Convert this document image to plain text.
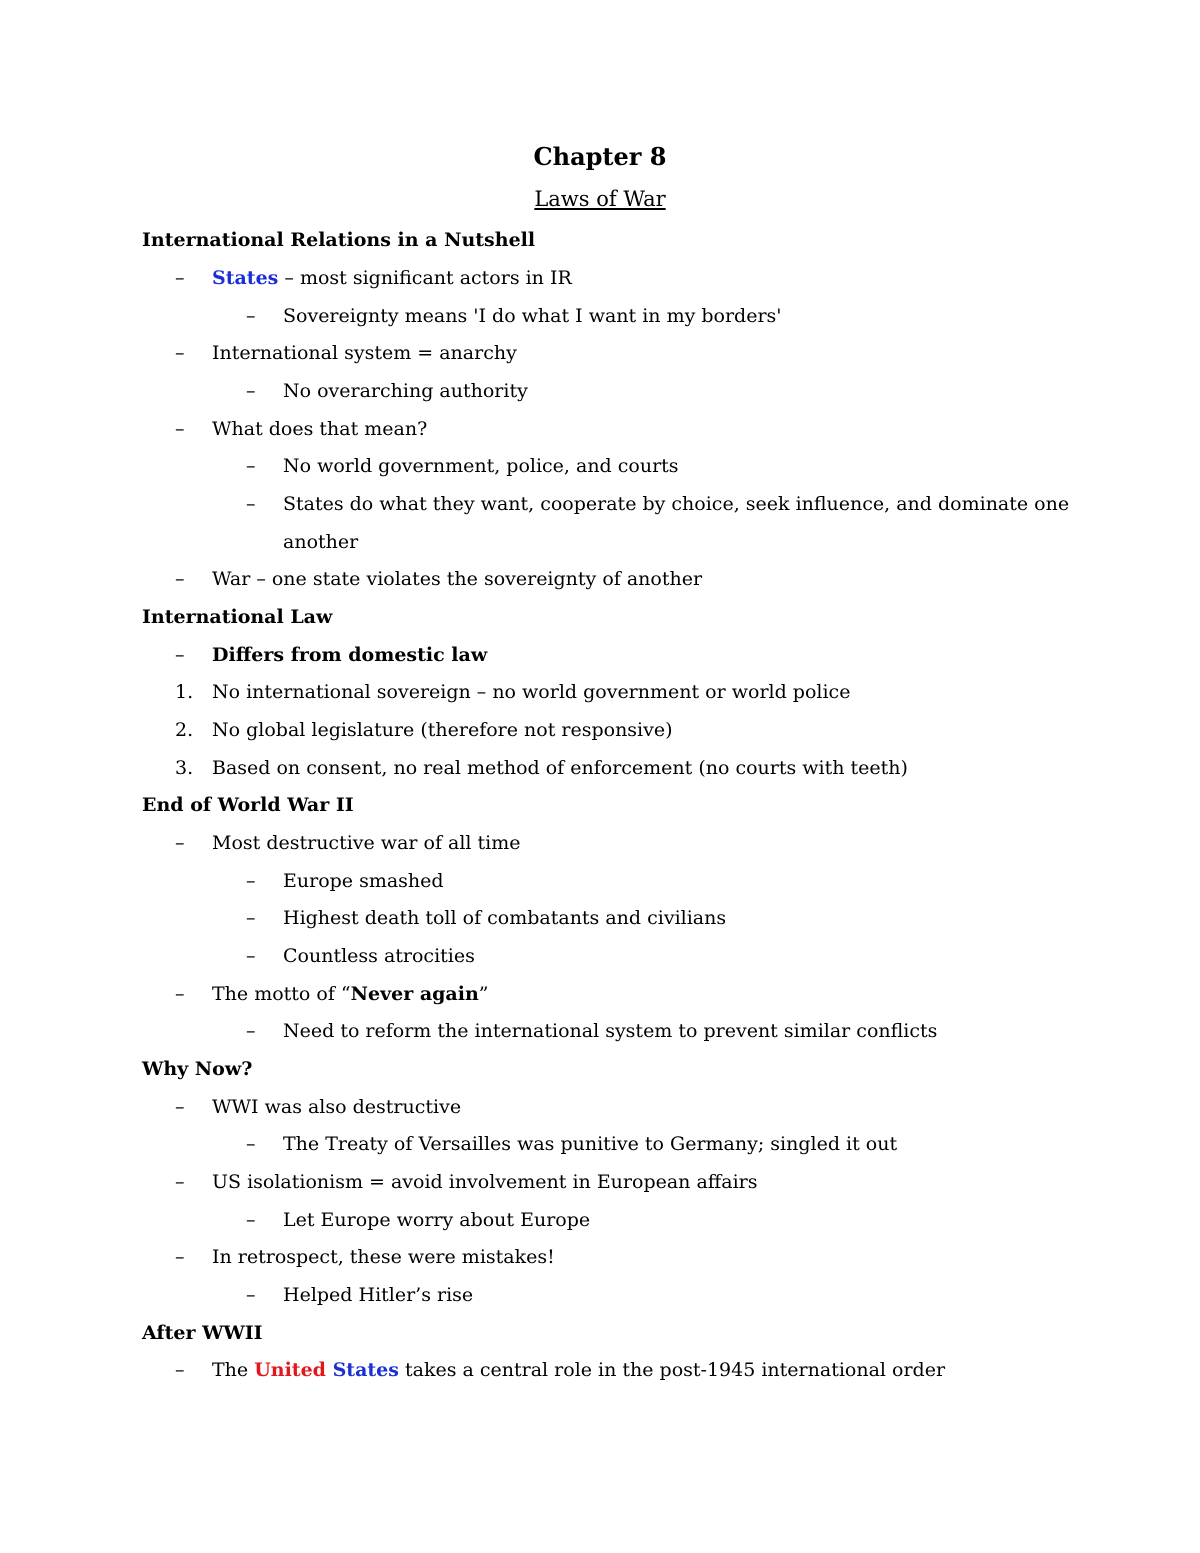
Chapter 8
Laws of War
International Relations in a Nutshell
–	States – most significant actors in IR
–	Sovereignty means 'I do what I want in my borders'
–	International system = anarchy
–	No overarching authority
–	What does that mean?
–	No world government, police, and courts
–	States do what they want, cooperate by choice, seek influence, and dominate one
another
–	War – one state violates the sovereignty of another
International Law
–	Differs from domestic law
1. No international sovereign – no world government or world police
2. No global legislature (therefore not responsive)
3. Based on consent, no real method of enforcement (no courts with teeth)
End of World War II
–	Most destructive war of all time
–	Europe smashed
–	Highest death toll of combatants and civilians
–	Countless atrocities
–	The motto of “Never again”
–	Need to reform the international system to prevent similar conflicts
Why Now?
–	WWI was also destructive
–	The Treaty of Versailles was punitive to Germany; singled it out
–	US isolationism = avoid involvement in European affairs
–	Let Europe worry about Europe
–	In retrospect, these were mistakes!
–	Helped Hitler’s rise
After WWII
–	The United States takes a central role in the post-1945 international order
